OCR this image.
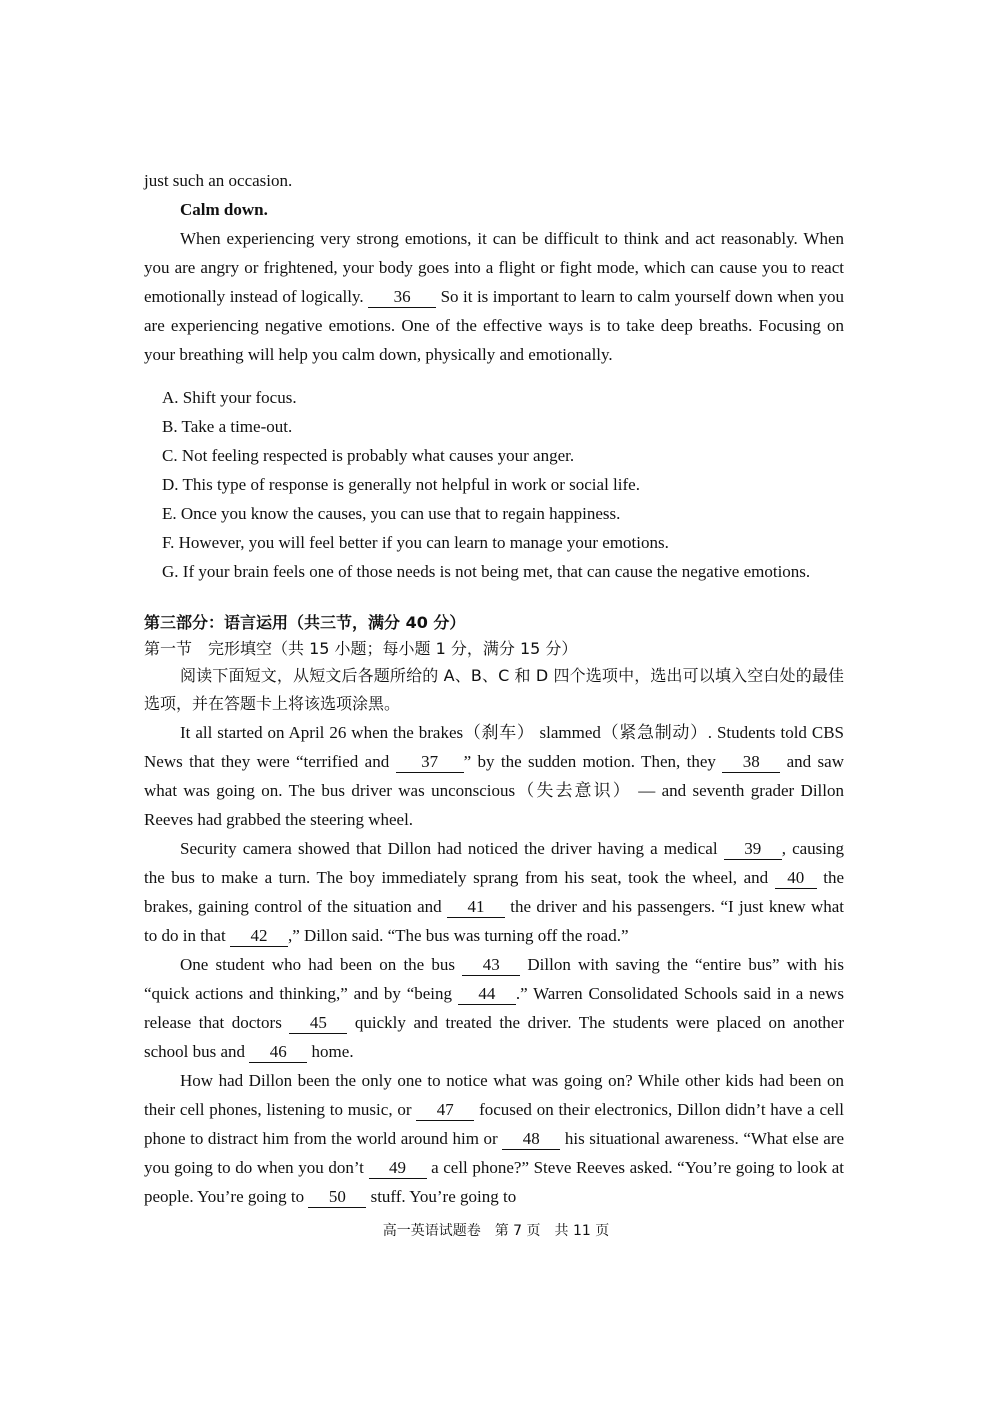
just such an occasion.

Calm down.

When experiencing very strong emotions, it can be difficult to think and act reasonably. When you are angry or frightened, your body goes into a flight or fight mode, which can cause you to react emotionally instead of logically. 36 So it is important to learn to calm yourself down when you are experiencing negative emotions. One of the effective ways is to take deep breaths. Focusing on your breathing will help you calm down, physically and emotionally.

A. Shift your focus.

B. Take a time-out.

C. Not feeling respected is probably what causes your anger.

D. This type of response is generally not helpful in work or social life.

E. Once you know the causes, you can use that to regain happiness.

F. However, you will feel better if you can learn to manage your emotions.

G. If your brain feels one of those needs is not being met, that can cause the negative emotions.

第三部分：语言运用（共三节，满分 40 分）

第一节　完形填空（共 15 小题；每小题 1 分，满分 15 分）

阅读下面短文，从短文后各题所给的 A、B、C 和 D 四个选项中，选出可以填入空白处的最佳选项，并在答题卡上将该选项涂黑。

It all started on April 26 when the brakes（刹车） slammed（紧急制动）. Students told CBS News that they were “terrified and 37 ” by the sudden motion. Then, they 38 and saw what was going on. The bus driver was unconscious（失去意识） — and seventh grader Dillon Reeves had grabbed the steering wheel.

Security camera showed that Dillon had noticed the driver having a medical 39 , causing the bus to make a turn. The boy immediately sprang from his seat, took the wheel, and 40 the brakes, gaining control of the situation and 41 the driver and his passengers. “I just knew what to do in that 42 ,” Dillon said. “The bus was turning off the road.”

One student who had been on the bus 43 Dillon with saving the “entire bus” with his “quick actions and thinking,” and by “being 44 .” Warren Consolidated Schools said in a news release that doctors 45 quickly and treated the driver. The students were placed on another school bus and 46 home.

How had Dillon been the only one to notice what was going on? While other kids had been on their cell phones, listening to music, or 47 focused on their electronics, Dillon didn’t have a cell phone to distract him from the world around him or 48 his situational awareness. “What else are you going to do when you don’t 49 a cell phone?” Steve Reeves asked. “You’re going to look at people. You’re going to 50 stuff. You’re going to

高一英语试题卷　第 7 页　共 11 页
